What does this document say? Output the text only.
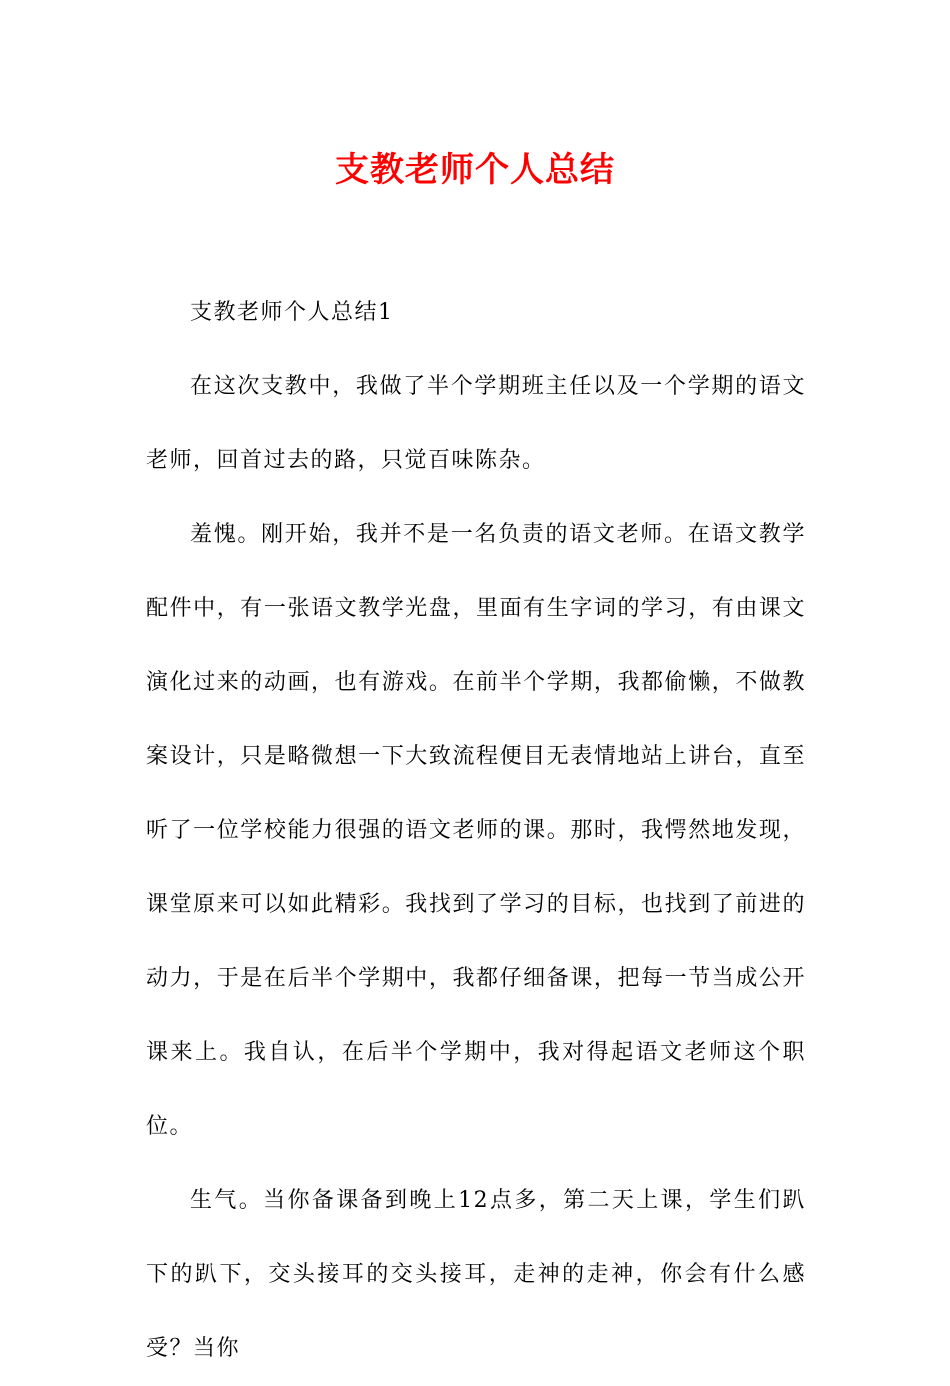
支教老师个人总结

支教老师个人总结1

在这次支教中，我做了半个学期班主任以及一个学期的语文老师，回首过去的路，只觉百味陈杂。

羞愧。刚开始，我并不是一名负责的语文老师。在语文教学配件中，有一张语文教学光盘，里面有生字词的学习，有由课文演化过来的动画，也有游戏。在前半个学期，我都偷懒，不做教案设计，只是略微想一下大致流程便目无表情地站上讲台，直至听了一位学校能力很强的语文老师的课。那时，我愕然地发现，课堂原来可以如此精彩。我找到了学习的目标，也找到了前进的动力，于是在后半个学期中，我都仔细备课，把每一节当成公开课来上。我自认，在后半个学期中，我对得起语文老师这个职位。

生气。当你备课备到晚上12点多，第二天上课，学生们趴下的趴下，交头接耳的交头接耳，走神的走神，你会有什么感受？当你
